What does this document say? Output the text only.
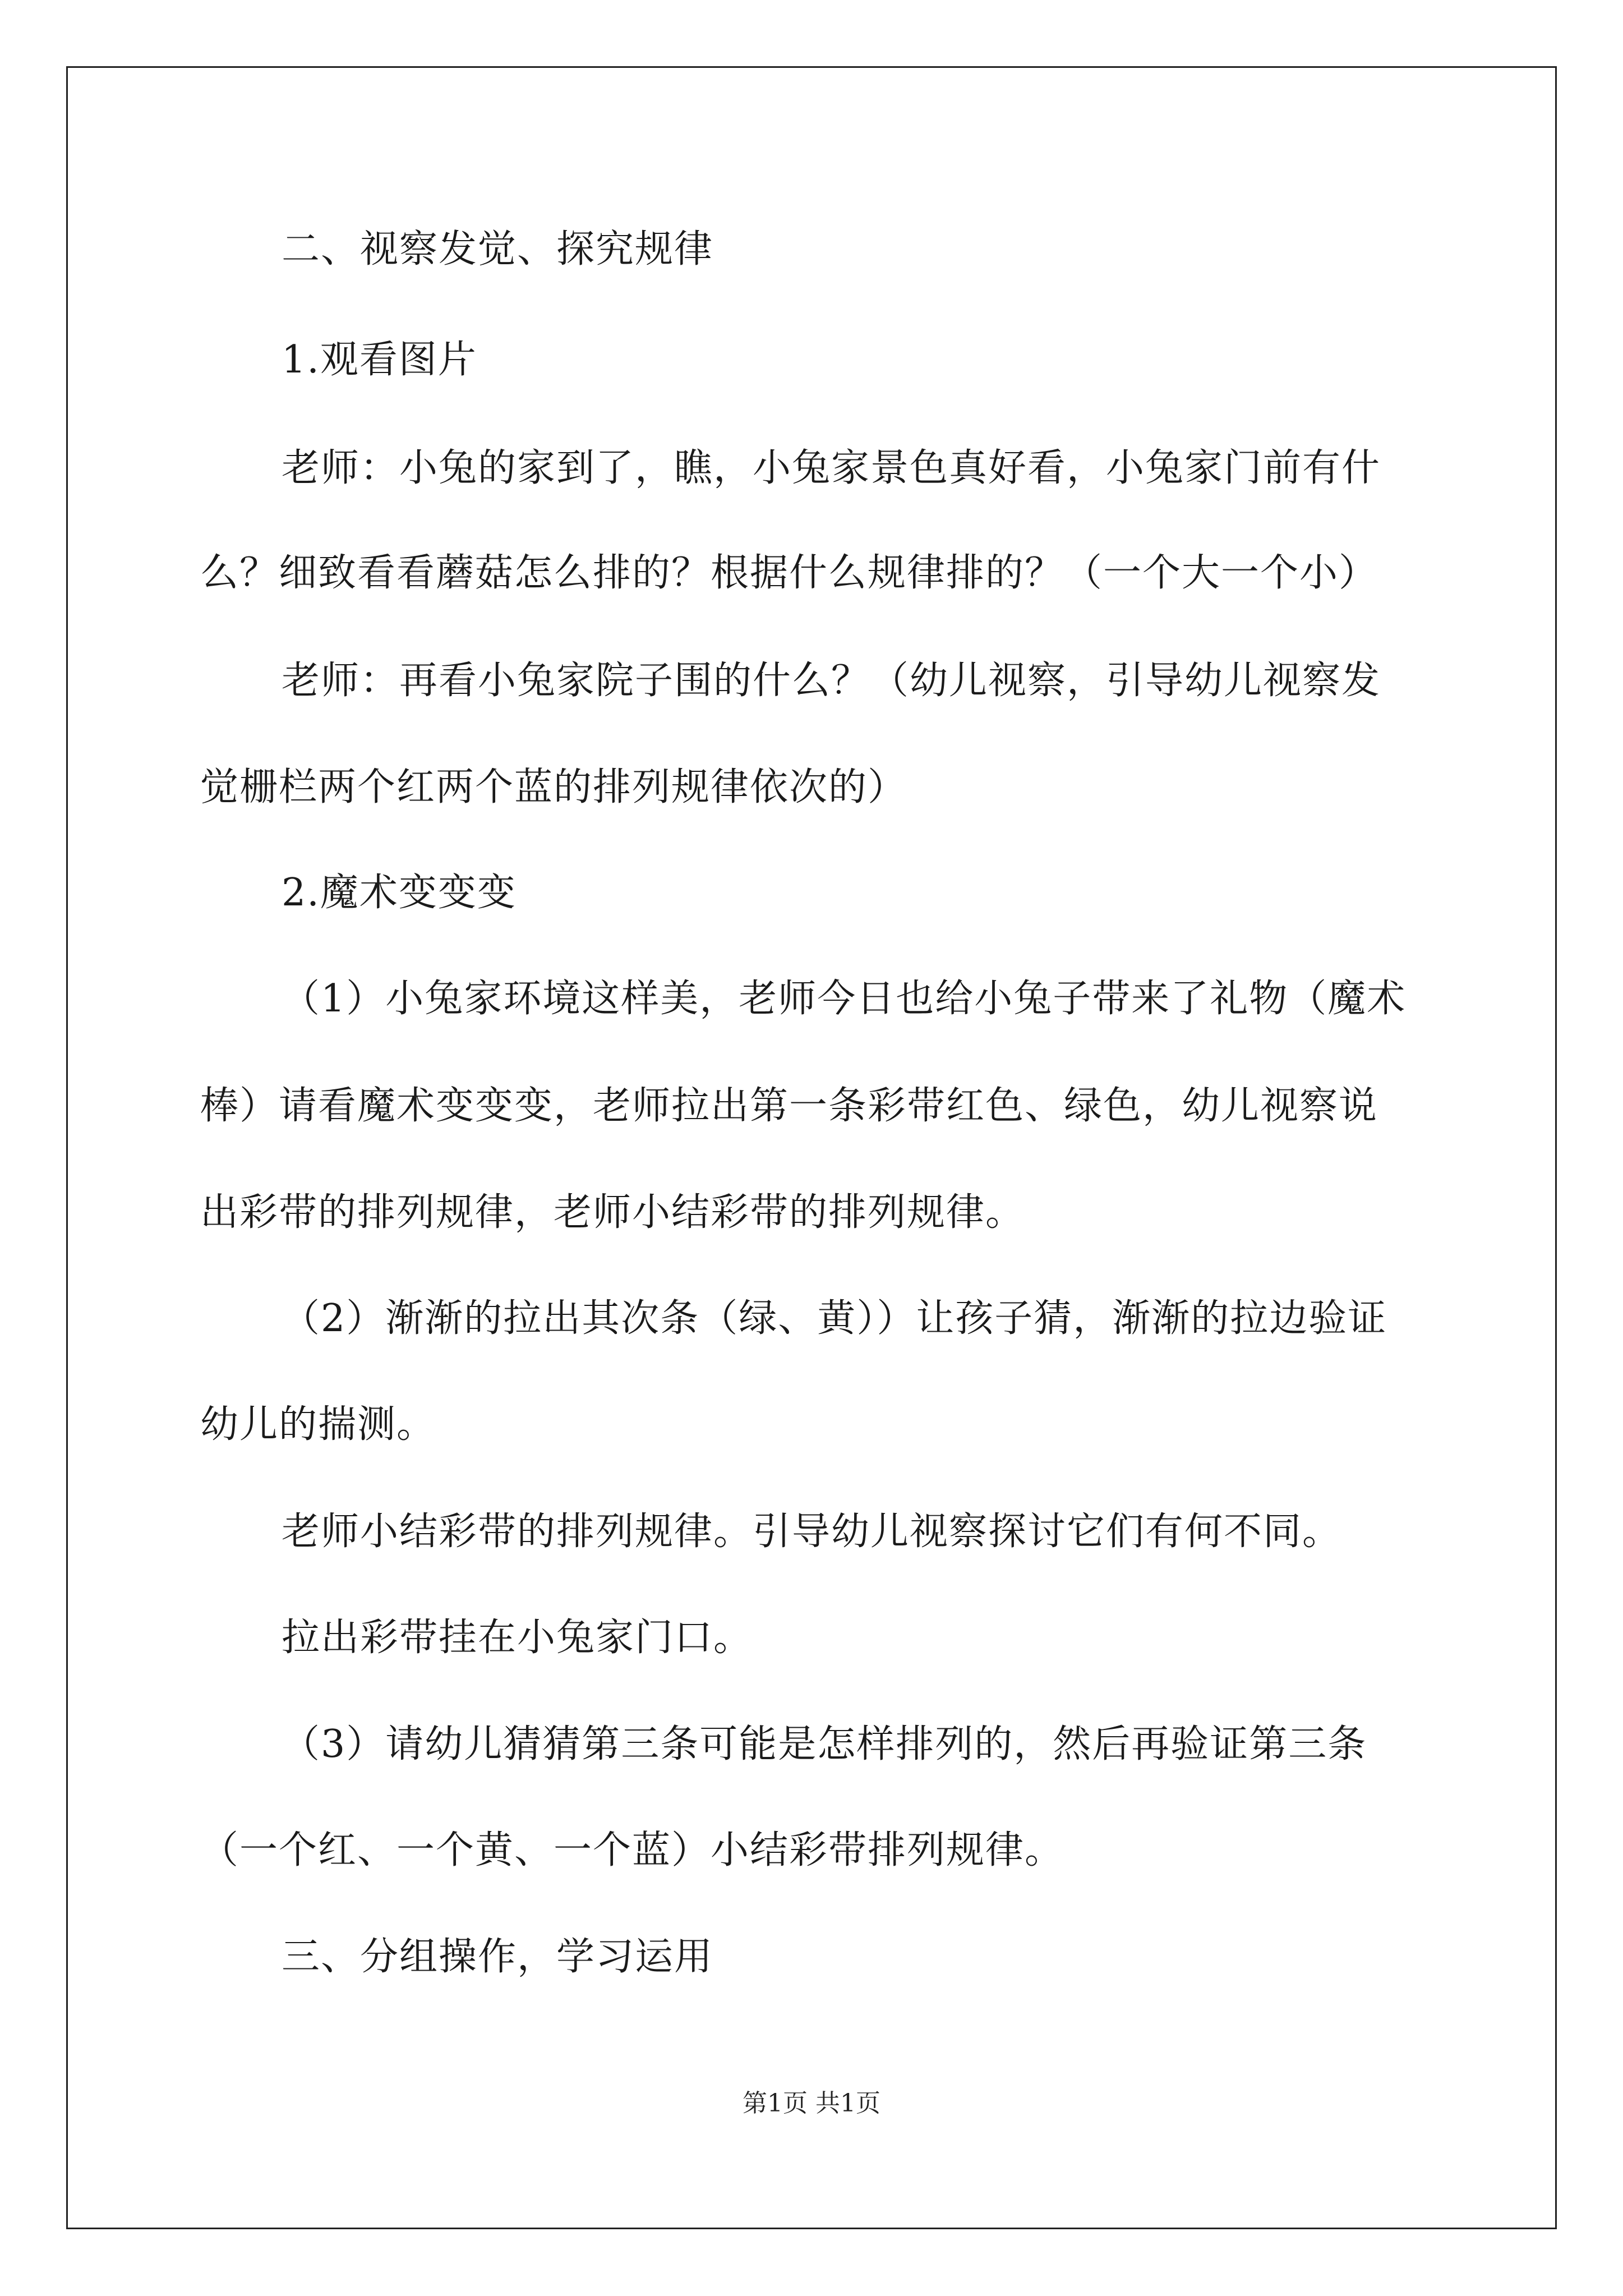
二、视察发觉、探究规律
1.观看图片
老师：小兔的家到了，瞧，小兔家景色真好看，小兔家门前有什
么？细致看看蘑菇怎么排的？根据什么规律排的？（一个大一个小）
老师：再看小兔家院子围的什么？（幼儿视察，引导幼儿视察发
觉栅栏两个红两个蓝的排列规律依次的）
2.魔术变变变
（1）小兔家环境这样美，老师今日也给小兔子带来了礼物（魔术
棒）请看魔术变变变，老师拉出第一条彩带红色、绿色，幼儿视察说
出彩带的排列规律，老师小结彩带的排列规律。
（2）渐渐的拉出其次条（绿、黄））让孩子猜，渐渐的拉边验证
幼儿的揣测。
老师小结彩带的排列规律。引导幼儿视察探讨它们有何不同。
拉出彩带挂在小兔家门口。
（3）请幼儿猜猜第三条可能是怎样排列的，然后再验证第三条
（一个红、一个黄、一个蓝）小结彩带排列规律。
三、分组操作，学习运用
第1页 共1页
